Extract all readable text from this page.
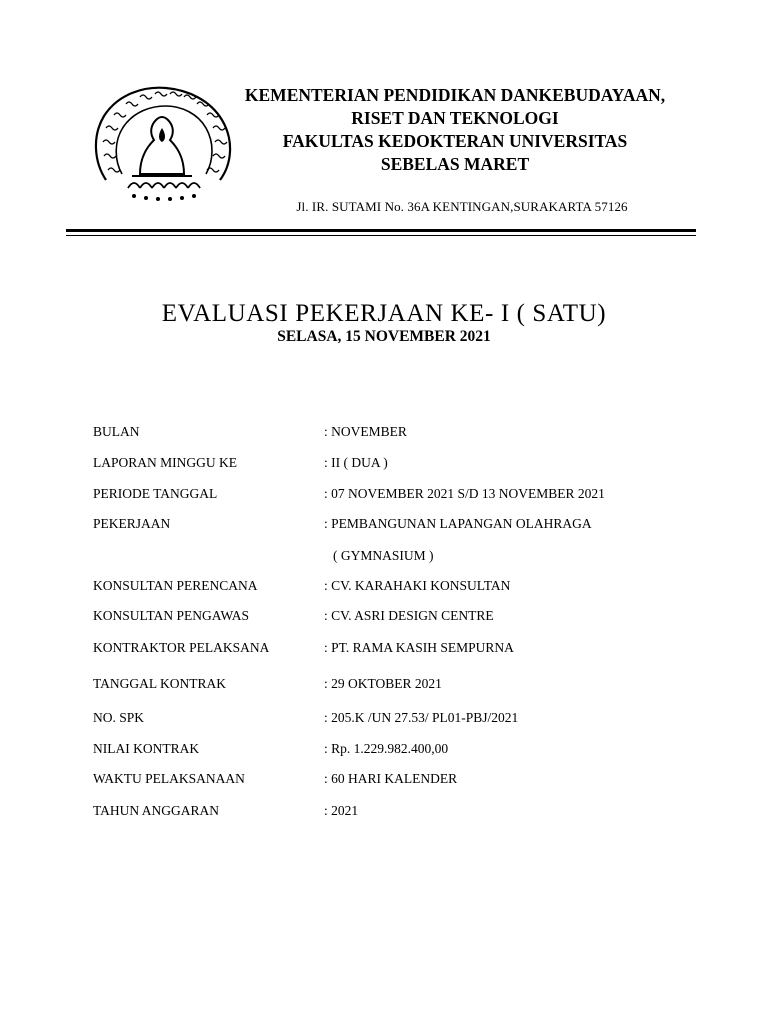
KEMENTERIAN PENDIDIKAN DANKEBUDAYAAN,
RISET DAN TEKNOLOGI
FAKULTAS KEDOKTERAN UNIVERSITAS
SEBELAS MARET
Jl. IR. SUTAMI No. 36A KENTINGAN,SURAKARTA 57126
EVALUASI PEKERJAAN KE- I ( SATU)
SELASA, 15 NOVEMBER 2021
BULAN	: NOVEMBER
LAPORAN MINGGU KE	: II ( DUA )
PERIODE TANGGAL	: 07 NOVEMBER 2021 S/D 13 NOVEMBER 2021
PEKERJAAN	: PEMBANGUNAN LAPANGAN OLAHRAGA
( GYMNASIUM )
KONSULTAN PERENCANA	: CV. KARAHAKI KONSULTAN
KONSULTAN PENGAWAS	: CV. ASRI DESIGN CENTRE
KONTRAKTOR PELAKSANA	: PT. RAMA KASIH SEMPURNA
TANGGAL KONTRAK	: 29 OKTOBER 2021
NO. SPK	: 205.K /UN 27.53/ PL01-PBJ/2021
NILAI KONTRAK	: Rp. 1.229.982.400,00
WAKTU PELAKSANAAN	: 60 HARI KALENDER
TAHUN ANGGARAN	: 2021
